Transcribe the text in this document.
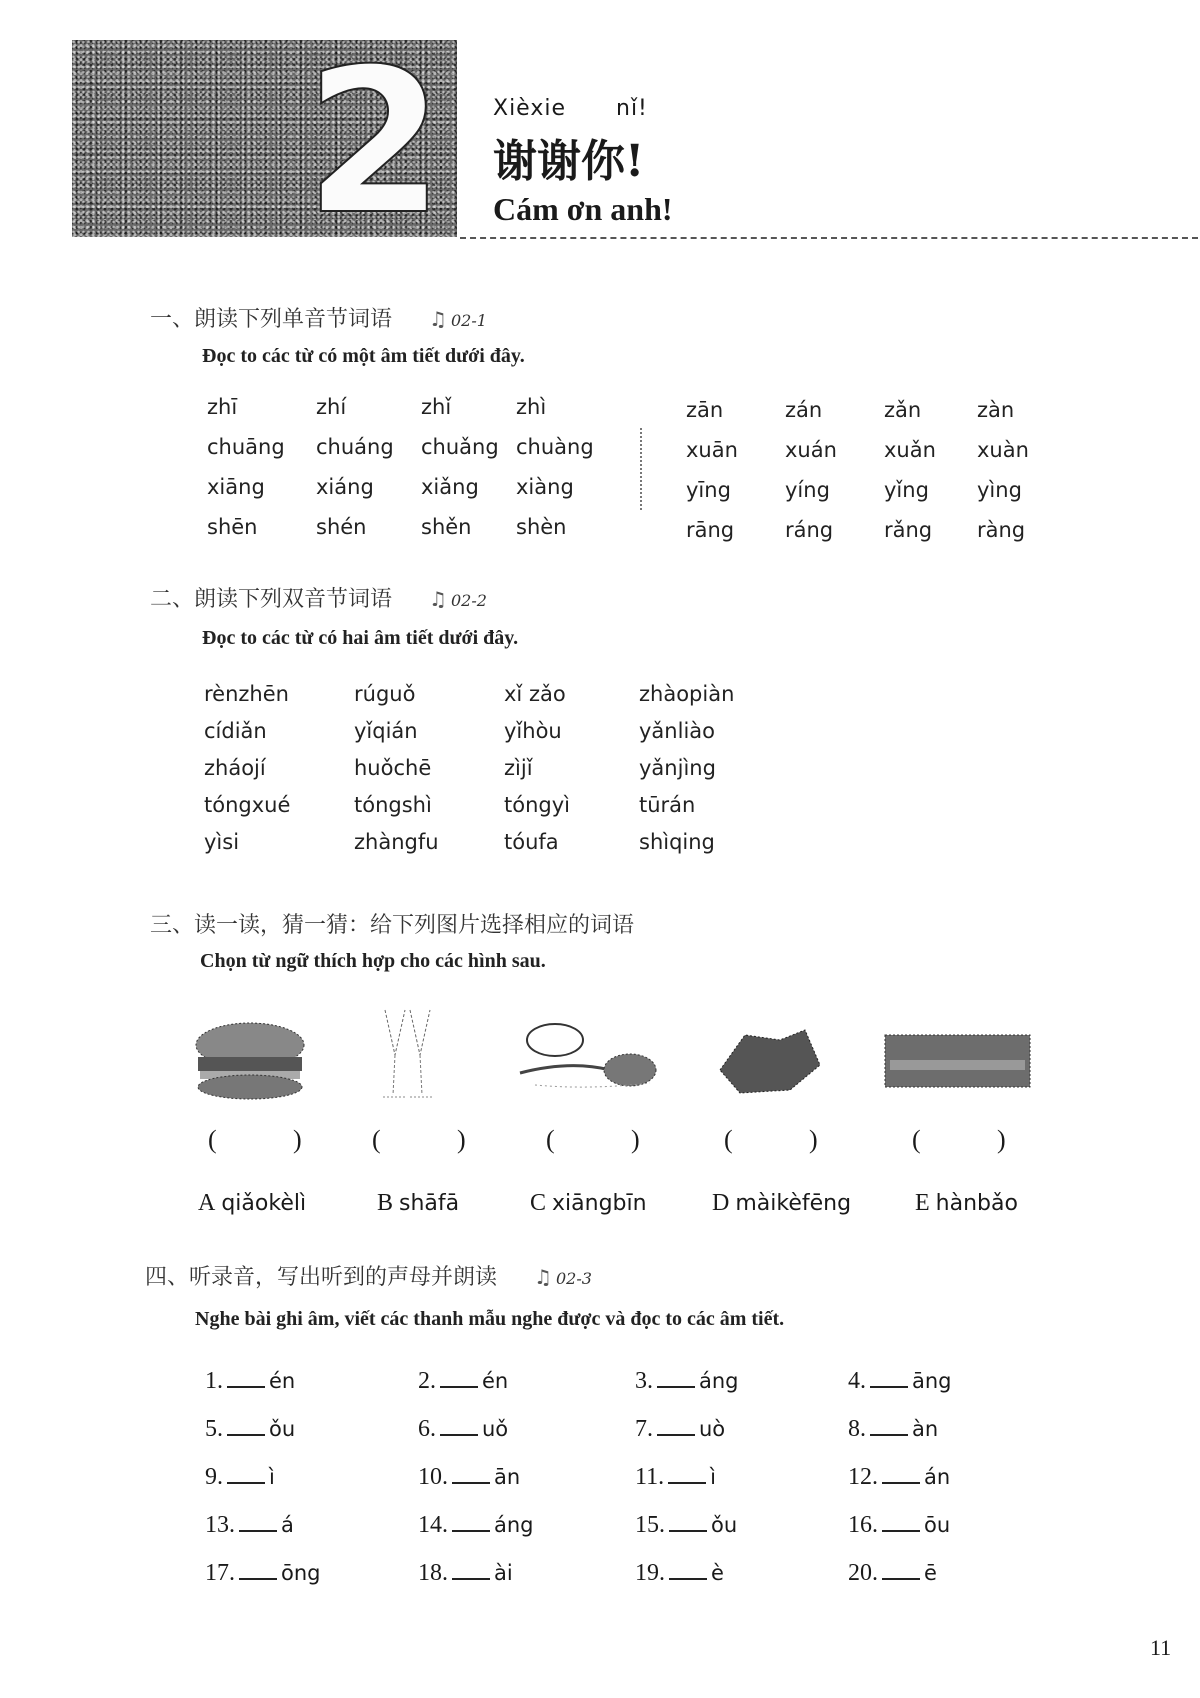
2 Xièxie nǐ!
谢谢你!
Cám ơn anh!
一、朗读下列单音节词语 ♫ 02-1
Đọc to các từ có một âm tiết dưới đây.
zhī	zhí	zhǐ	zhì
chuāng chuáng chuǎng chuàng
xiāng xiáng xiǎng xiàng
shēn	shén	shěn shèn
zān	zán	zǎn	zàn
xuān xuán xuǎn xuàn
yīng	yíng	yǐng yìng
rāng ráng rǎng ràng
二、朗读下列双音节词语 ♫ 02-2
Đọc to các từ có hai âm tiết dưới đây.
rènzhēn	rúguǒ	xǐ zǎo	zhàopiàn
cídiǎn	yǐqián	yǐhòu	yǎnliào
zháojí	huǒchē	zìjǐ	yǎnjìng
tóngxué	tóngshì	tóngyì	tūrán
yìsi	zhàngfu	tóufa	shìqing
三、读一读，猜一猜：给下列图片选择相应的词语
Chọn từ ngữ thích hợp cho các hình sau.
(	)	(	)	(	)	(	)	(	)
A qiǎokèlì	B shāfā	C xiāngbīn	D màikèfēng	E hànbǎo
四、听录音，写出听到的声母并朗读 ♫ 02-3
Nghe bài ghi âm, viết các thanh mẫu nghe được và đọc to các âm tiết.
1. én	2. én	3. áng	4. āng
5. ǒu	6. uǒ	7. uò	8. àn
9. ì	10. ān	11. ì	12. án
13. á	14. áng	15. ǒu	16. ōu
17. ōng	18. ài	19. è	20. ē
11
